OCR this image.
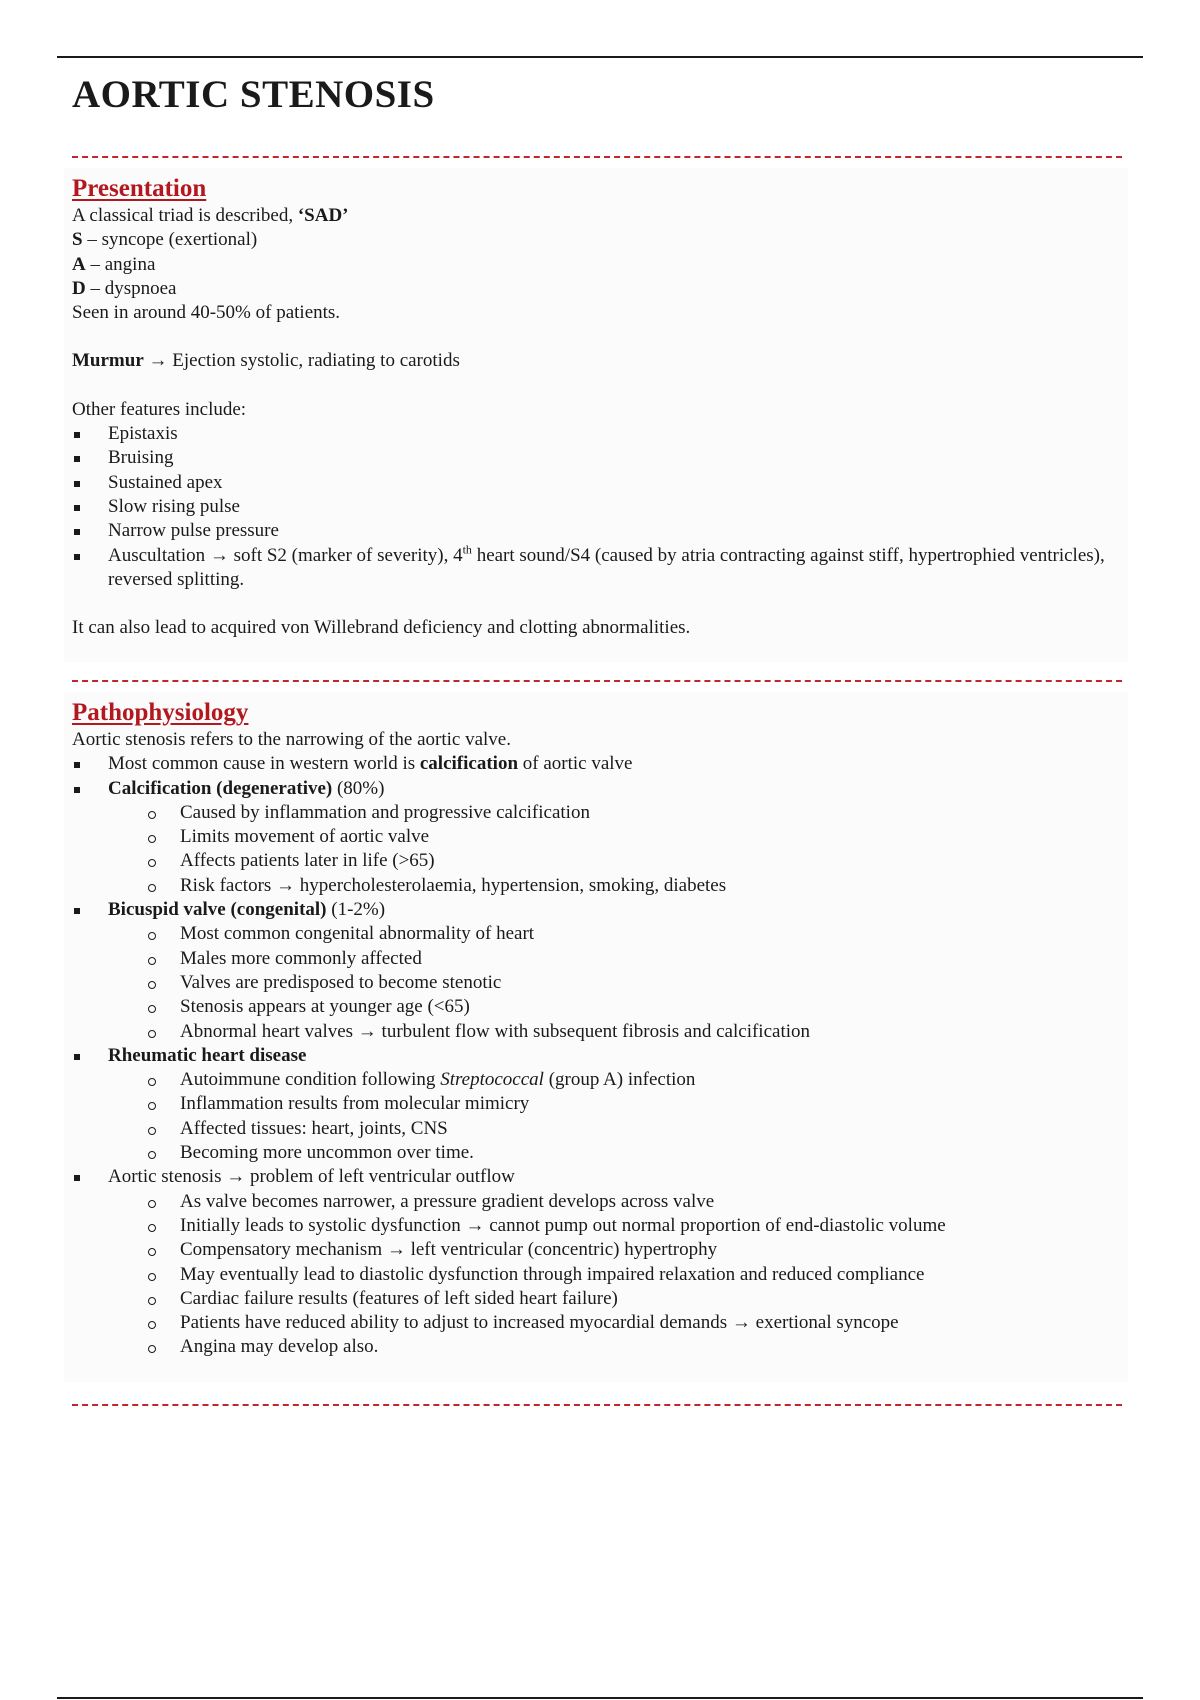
AORTIC STENOSIS
Presentation

A classical triad is described, ‘SAD’

S – syncope (exertional)

A – angina

D – dyspnoea

Seen in around 40-50% of patients.

Murmur → Ejection systolic, radiating to carotids

Other features include:

Epistaxis
Bruising
Sustained apex
Slow rising pulse
Narrow pulse pressure
Auscultation → soft S2 (marker of severity), 4th heart sound/S4 (caused by atria contracting against stiff, hypertrophied ventricles), reversed splitting.

It can also lead to acquired von Willebrand deficiency and clotting abnormalities.

Pathophysiology

Aortic stenosis refers to the narrowing of the aortic valve.

Most common cause in western world is calcification of aortic valve
Calcification (degenerative) (80%)
Caused by inflammation and progressive calcification
Limits movement of aortic valve
Affects patients later in life (>65)
Risk factors → hypercholesterolaemia, hypertension, smoking, diabetes
Bicuspid valve (congenital) (1-2%)
Most common congenital abnormality of heart
Males more commonly affected
Valves are predisposed to become stenotic
Stenosis appears at younger age (<65)
Abnormal heart valves → turbulent flow with subsequent fibrosis and calcification
Rheumatic heart disease
Autoimmune condition following Streptococcal (group A) infection
Inflammation results from molecular mimicry
Affected tissues: heart, joints, CNS
Becoming more uncommon over time.
Aortic stenosis → problem of left ventricular outflow
As valve becomes narrower, a pressure gradient develops across valve
Initially leads to systolic dysfunction → cannot pump out normal proportion of end-diastolic volume
Compensatory mechanism → left ventricular (concentric) hypertrophy
May eventually lead to diastolic dysfunction through impaired relaxation and reduced compliance
Cardiac failure results (features of left sided heart failure)
Patients have reduced ability to adjust to increased myocardial demands → exertional syncope
Angina may develop also.
